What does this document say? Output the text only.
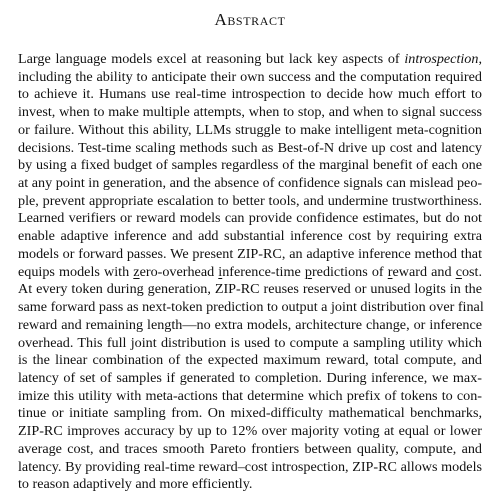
Abstract
Large language models excel at reasoning but lack key aspects of introspection,
including the ability to anticipate their own success and the computation required
to achieve it. Humans use real-time introspection to decide how much effort to
invest, when to make multiple attempts, when to stop, and when to signal success
or failure. Without this ability, LLMs struggle to make intelligent meta-cognition
decisions. Test-time scaling methods such as Best-of-N drive up cost and latency
by using a fixed budget of samples regardless of the marginal benefit of each one
at any point in generation, and the absence of confidence signals can mislead peo-
ple, prevent appropriate escalation to better tools, and undermine trustworthiness.
Learned verifiers or reward models can provide confidence estimates, but do not
enable adaptive inference and add substantial inference cost by requiring extra
models or forward passes. We present ZIP-RC, an adaptive inference method that
equips models with zero-overhead inference-time predictions of reward and cost.
At every token during generation, ZIP-RC reuses reserved or unused logits in the
same forward pass as next-token prediction to output a joint distribution over final
reward and remaining length—no extra models, architecture change, or inference
overhead. This full joint distribution is used to compute a sampling utility which
is the linear combination of the expected maximum reward, total compute, and
latency of set of samples if generated to completion. During inference, we max-
imize this utility with meta-actions that determine which prefix of tokens to con-
tinue or initiate sampling from. On mixed-difficulty mathematical benchmarks,
ZIP-RC improves accuracy by up to 12% over majority voting at equal or lower
average cost, and traces smooth Pareto frontiers between quality, compute, and
latency. By providing real-time reward–cost introspection, ZIP-RC allows models
to reason adaptively and more efficiently.
